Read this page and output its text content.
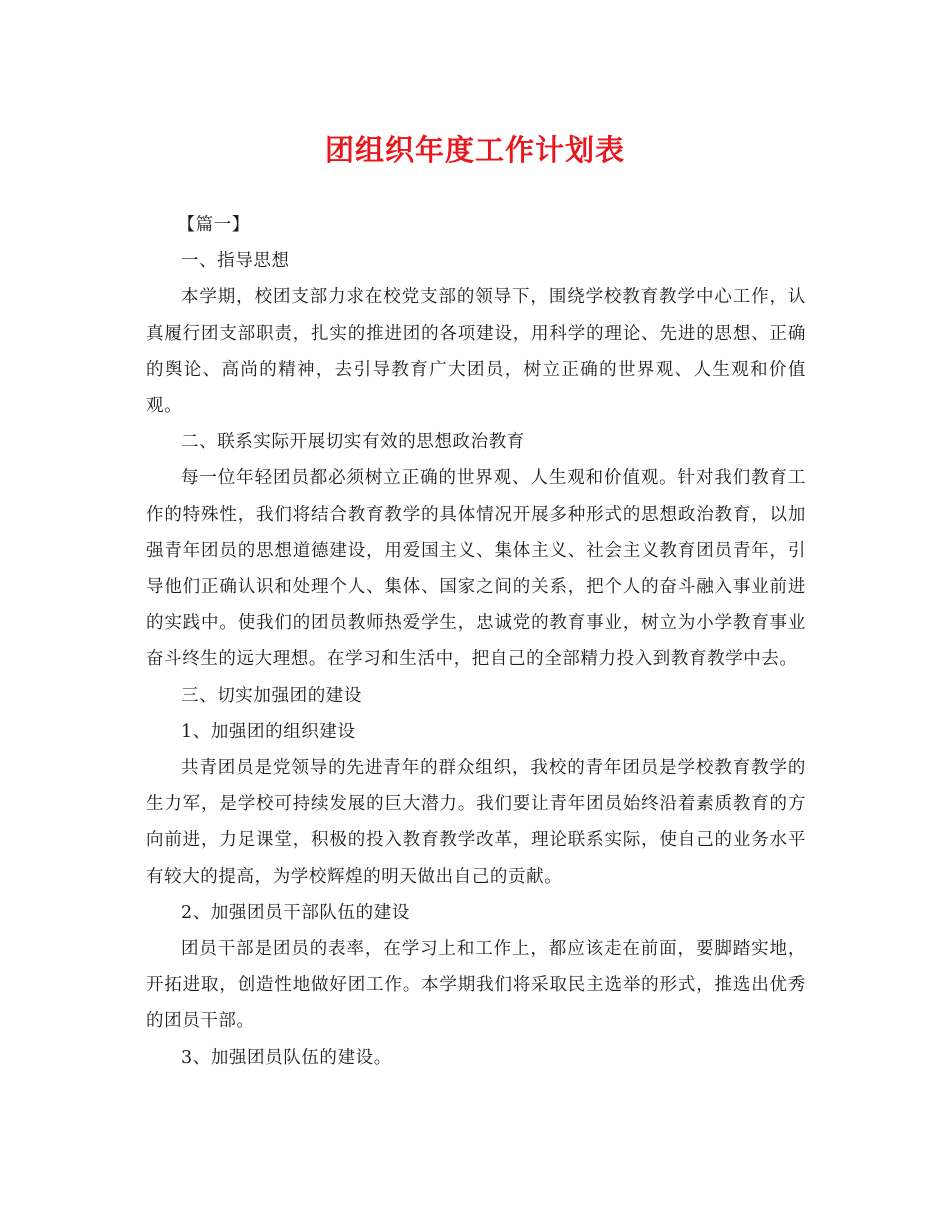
团组织年度工作计划表

【篇一】

一、指导思想

本学期，校团支部力求在校党支部的领导下，围绕学校教育教学中心工作，认真履行团支部职责，扎实的推进团的各项建设，用科学的理论、先进的思想、正确的舆论、高尚的精神，去引导教育广大团员，树立正确的世界观、人生观和价值观。

二、联系实际开展切实有效的思想政治教育

每一位年轻团员都必须树立正确的世界观、人生观和价值观。针对我们教育工作的特殊性，我们将结合教育教学的具体情况开展多种形式的思想政治教育，以加强青年团员的思想道德建设，用爱国主义、集体主义、社会主义教育团员青年，引导他们正确认识和处理个人、集体、国家之间的关系，把个人的奋斗融入事业前进的实践中。使我们的团员教师热爱学生，忠诚党的教育事业，树立为小学教育事业奋斗终生的远大理想。在学习和生活中，把自己的全部精力投入到教育教学中去。

三、切实加强团的建设

1、加强团的组织建设

共青团员是党领导的先进青年的群众组织，我校的青年团员是学校教育教学的生力军，是学校可持续发展的巨大潜力。我们要让青年团员始终沿着素质教育的方向前进，力足课堂，积极的投入教育教学改革，理论联系实际，使自己的业务水平有较大的提高，为学校辉煌的明天做出自己的贡献。

2、加强团员干部队伍的建设

团员干部是团员的表率，在学习上和工作上，都应该走在前面，要脚踏实地，开拓进取，创造性地做好团工作。本学期我们将采取民主选举的形式，推选出优秀的团员干部。

3、加强团员队伍的建设。
